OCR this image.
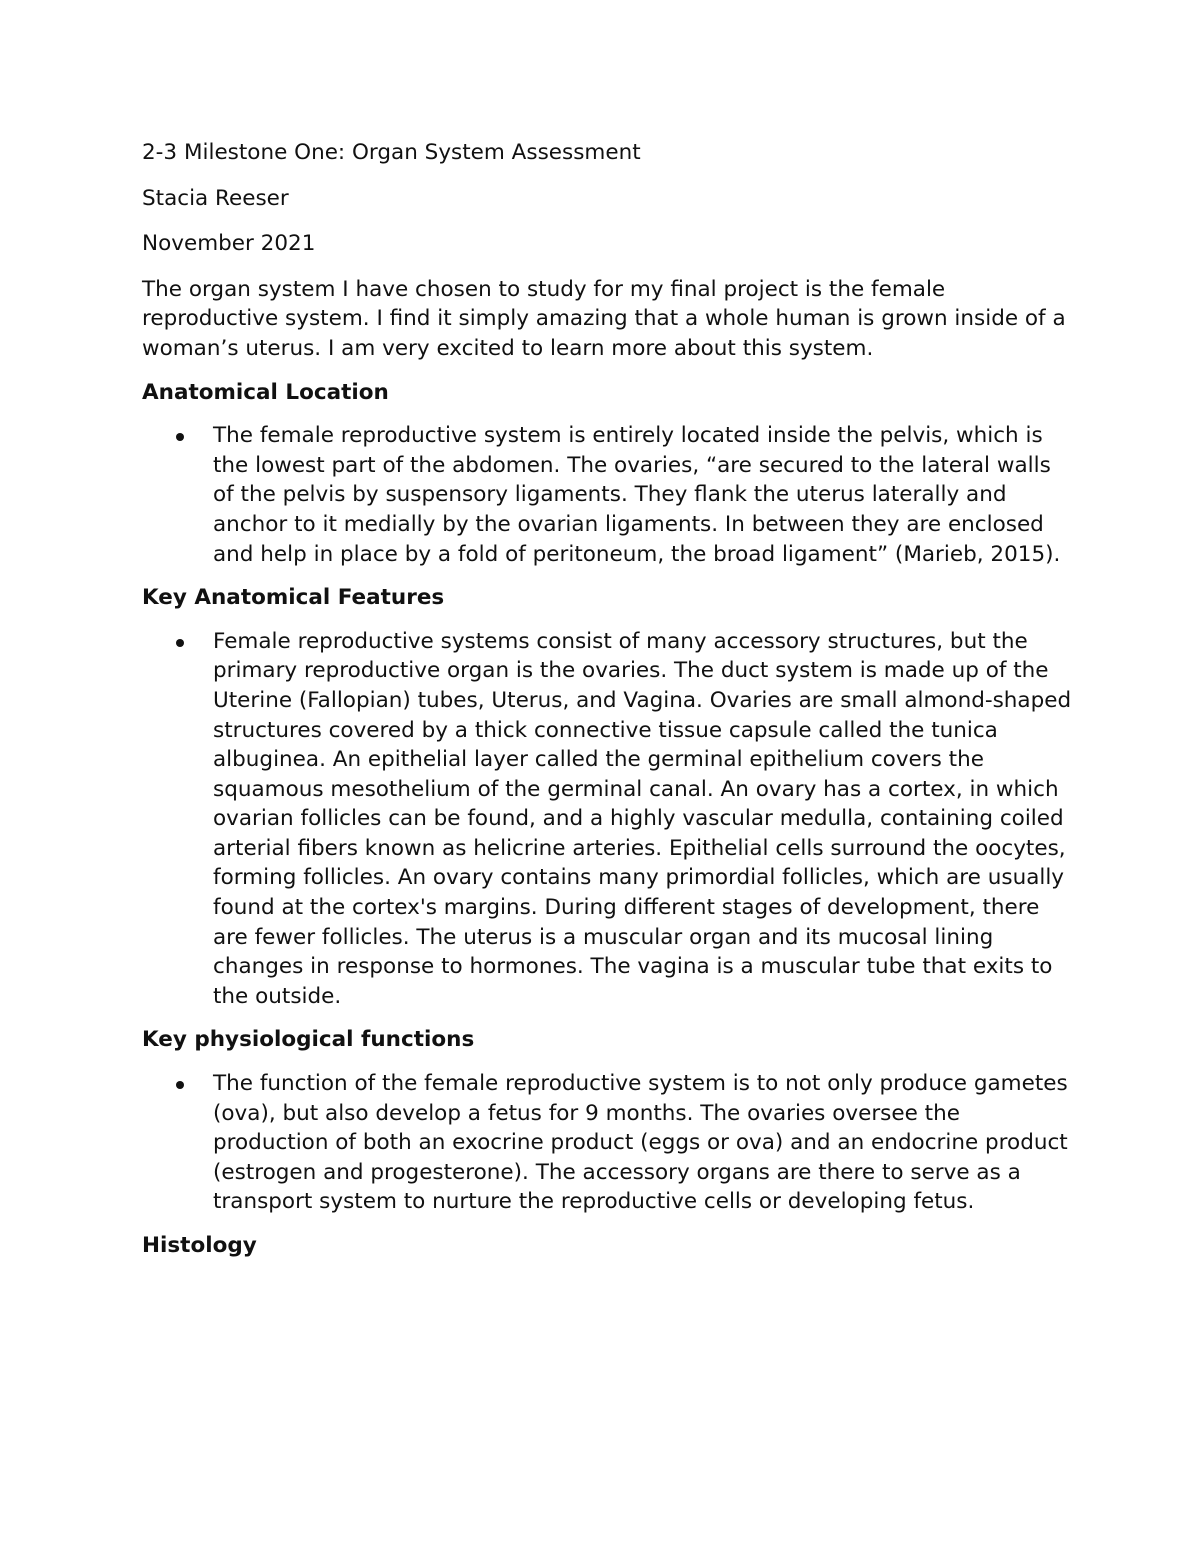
2-3 Milestone One: Organ System Assessment

Stacia Reeser

November 2021

The organ system I have chosen to study for my final project is the female reproductive system. I find it simply amazing that a whole human is grown inside of a woman’s uterus. I am very excited to learn more about this system.

Anatomical Location
The female reproductive system is entirely located inside the pelvis, which is the lowest part of the abdomen. The ovaries, “are secured to the lateral walls of the pelvis by suspensory ligaments. They flank the uterus laterally and anchor to it medially by the ovarian ligaments. In between they are enclosed and help in place by a fold of peritoneum, the broad ligament” (Marieb, 2015).
Key Anatomical Features
Female reproductive systems consist of many accessory structures, but the primary reproductive organ is the ovaries. The duct system is made up of the Uterine (Fallopian) tubes, Uterus, and Vagina. Ovaries are small almond-shaped structures covered by a thick connective tissue capsule called the tunica albuginea. An epithelial layer called the germinal epithelium covers the squamous mesothelium of the germinal canal. An ovary has a cortex, in which ovarian follicles can be found, and a highly vascular medulla, containing coiled arterial fibers known as helicrine arteries. Epithelial cells surround the oocytes, forming follicles. An ovary contains many primordial follicles, which are usually found at the cortex's margins. During different stages of development, there are fewer follicles. The uterus is a muscular organ and its mucosal lining changes in response to hormones. The vagina is a muscular tube that exits to the outside.
Key physiological functions
The function of the female reproductive system is to not only produce gametes (ova), but also develop a fetus for 9 months. The ovaries oversee the production of both an exocrine product (eggs or ova) and an endocrine product (estrogen and progesterone). The accessory organs are there to serve as a transport system to nurture the reproductive cells or developing fetus.
Histology
